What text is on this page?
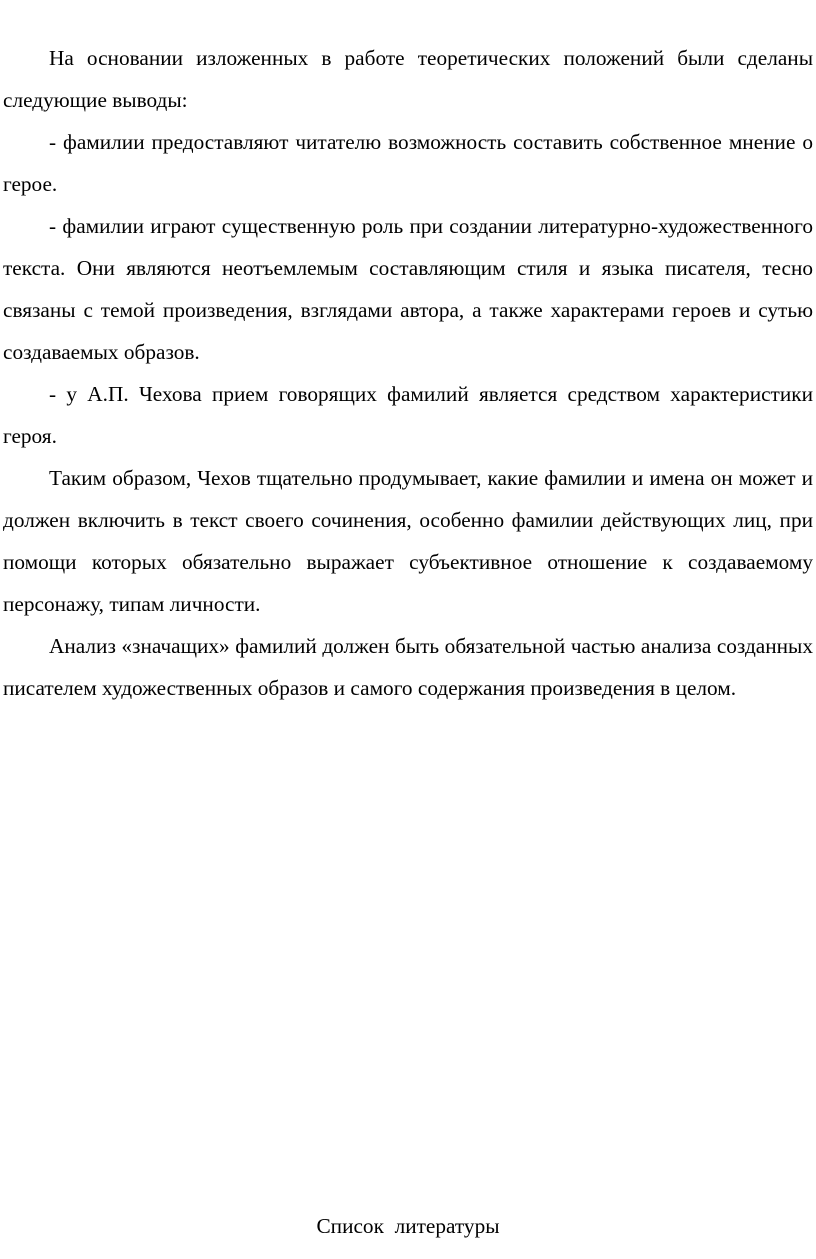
На основании изложенных в работе теоретических положений были сделаны следующие выводы:

- фамилии предоставляют читателю возможность составить собственное мнение о герое.

- фамилии играют существенную роль при создании литературно-художественного текста. Они являются неотъемлемым составляющим стиля и языка писателя, тесно связаны с темой произведения, взглядами автора, а также характерами героев и сутью создаваемых образов.

- у А.П. Чехова прием говорящих фамилий является средством характеристики героя.

Таким образом, Чехов тщательно продумывает, какие фамилии и имена он может и должен включить в текст своего сочинения, особенно фамилии действующих лиц, при помощи которых обязательно выражает субъективное отношение к создаваемому персонажу, типам личности.

Анализ «значащих» фамилий должен быть обязательной частью анализа созданных писателем художественных образов и самого содержания произведения в целом.

Список  литературы
